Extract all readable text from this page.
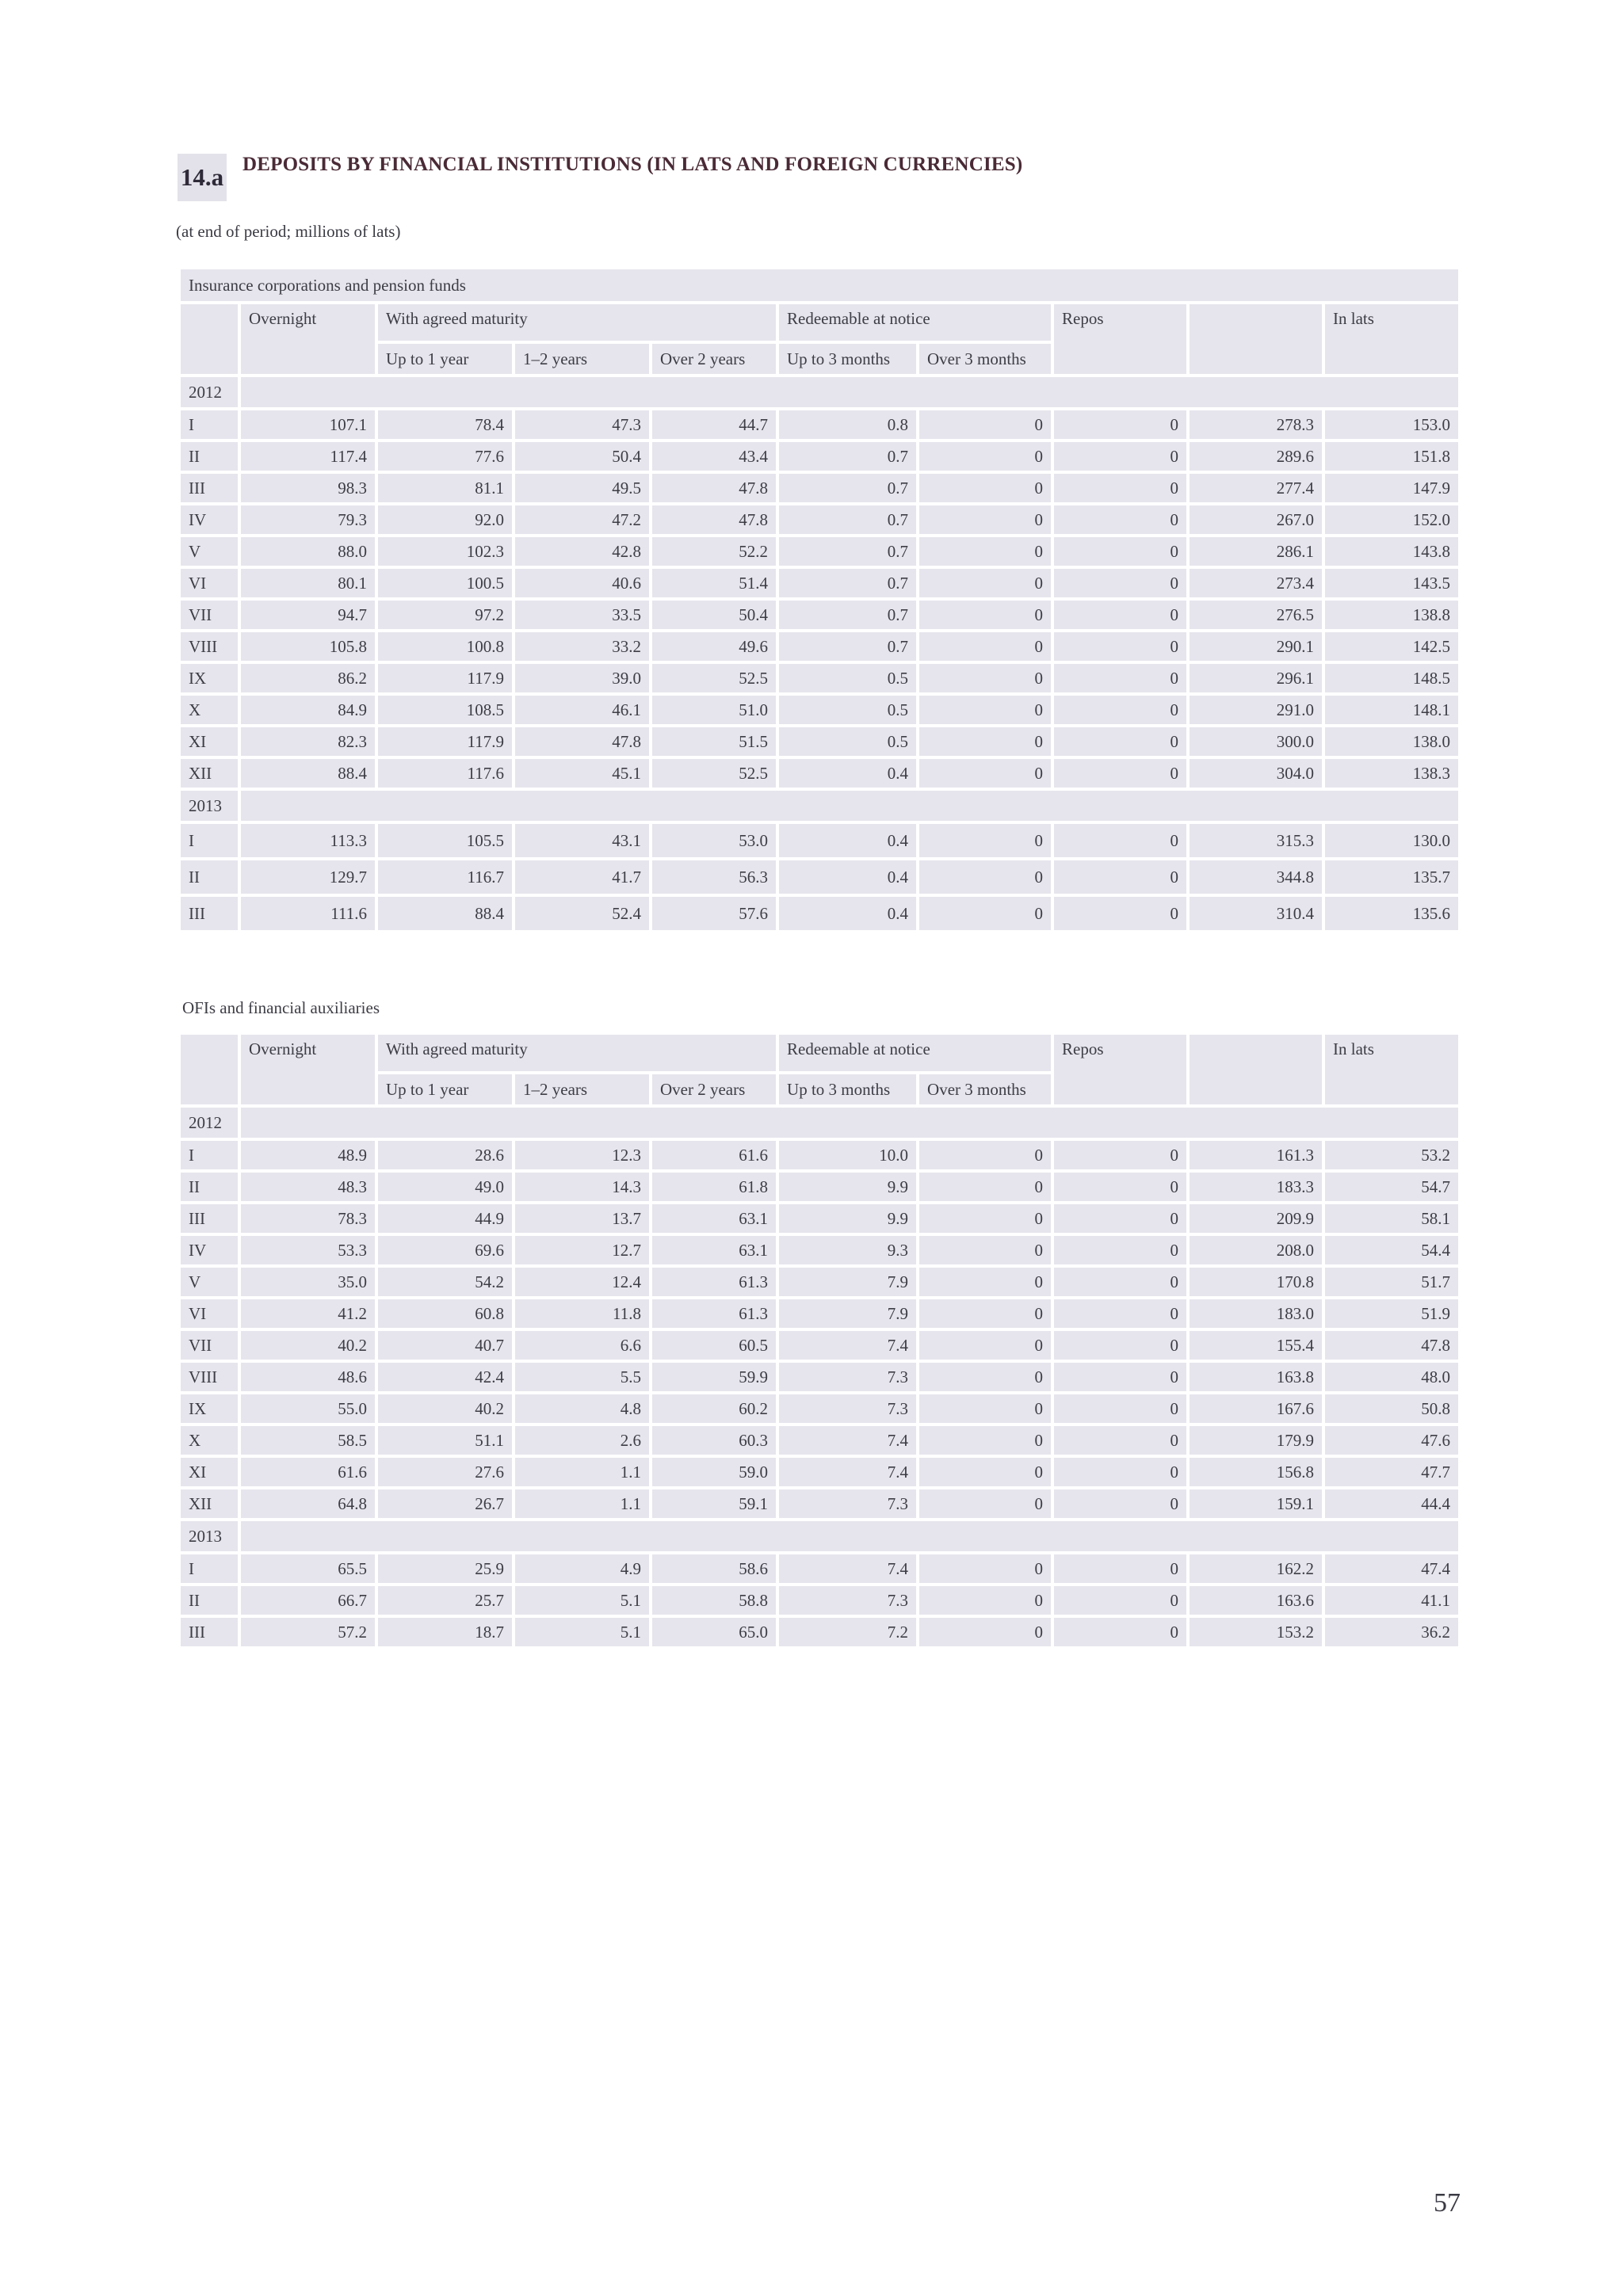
14.a DEPOSITS BY FINANCIAL INSTITUTIONS (IN LATS AND FOREIGN CURRENCIES)
(at end of period; millions of lats)
Insurance corporations and pension funds									
	Overnight	With agreed maturity			Redeemable at notice		Repos		In lats
		Up to 1 year	1–2 years	Over 2 years	Up to 3 months	Over 3 months			
2012									
I	107.1	78.4	47.3	44.7	0.8	0	0	278.3	153.0
II	117.4	77.6	50.4	43.4	0.7	0	0	289.6	151.8
III	98.3	81.1	49.5	47.8	0.7	0	0	277.4	147.9
IV	79.3	92.0	47.2	47.8	0.7	0	0	267.0	152.0
V	88.0	102.3	42.8	52.2	0.7	0	0	286.1	143.8
VI	80.1	100.5	40.6	51.4	0.7	0	0	273.4	143.5
VII	94.7	97.2	33.5	50.4	0.7	0	0	276.5	138.8
VIII	105.8	100.8	33.2	49.6	0.7	0	0	290.1	142.5
IX	86.2	117.9	39.0	52.5	0.5	0	0	296.1	148.5
X	84.9	108.5	46.1	51.0	0.5	0	0	291.0	148.1
XI	82.3	117.9	47.8	51.5	0.5	0	0	300.0	138.0
XII	88.4	117.6	45.1	52.5	0.4	0	0	304.0	138.3
2013									
I	113.3	105.5	43.1	53.0	0.4	0	0	315.3	130.0
II	129.7	116.7	41.7	56.3	0.4	0	0	344.8	135.7
III	111.6	88.4	52.4	57.6	0.4	0	0	310.4	135.6
	Overnight	With agreed maturity			Redeemable at notice		Repos		In lats
		Up to 1 year	1–2 years	Over 2 years	Up to 3 months	Over 3 months			
2012									
I	48.9	28.6	12.3	61.6	10.0	0	0	161.3	53.2
II	48.3	49.0	14.3	61.8	9.9	0	0	183.3	54.7
III	78.3	44.9	13.7	63.1	9.9	0	0	209.9	58.1
IV	53.3	69.6	12.7	63.1	9.3	0	0	208.0	54.4
V	35.0	54.2	12.4	61.3	7.9	0	0	170.8	51.7
VI	41.2	60.8	11.8	61.3	7.9	0	0	183.0	51.9
VII	40.2	40.7	6.6	60.5	7.4	0	0	155.4	47.8
VIII	48.6	42.4	5.5	59.9	7.3	0	0	163.8	48.0
IX	55.0	40.2	4.8	60.2	7.3	0	0	167.6	50.8
X	58.5	51.1	2.6	60.3	7.4	0	0	179.9	47.6
XI	61.6	27.6	1.1	59.0	7.4	0	0	156.8	47.7
XII	64.8	26.7	1.1	59.1	7.3	0	0	159.1	44.4
2013									
I	65.5	25.9	4.9	58.6	7.4	0	0	162.2	47.4
II	66.7	25.7	5.1	58.8	7.3	0	0	163.6	41.1
III	57.2	18.7	5.1	65.0	7.2	0	0	153.2	36.2
OFIs and financial auxiliaries
57
